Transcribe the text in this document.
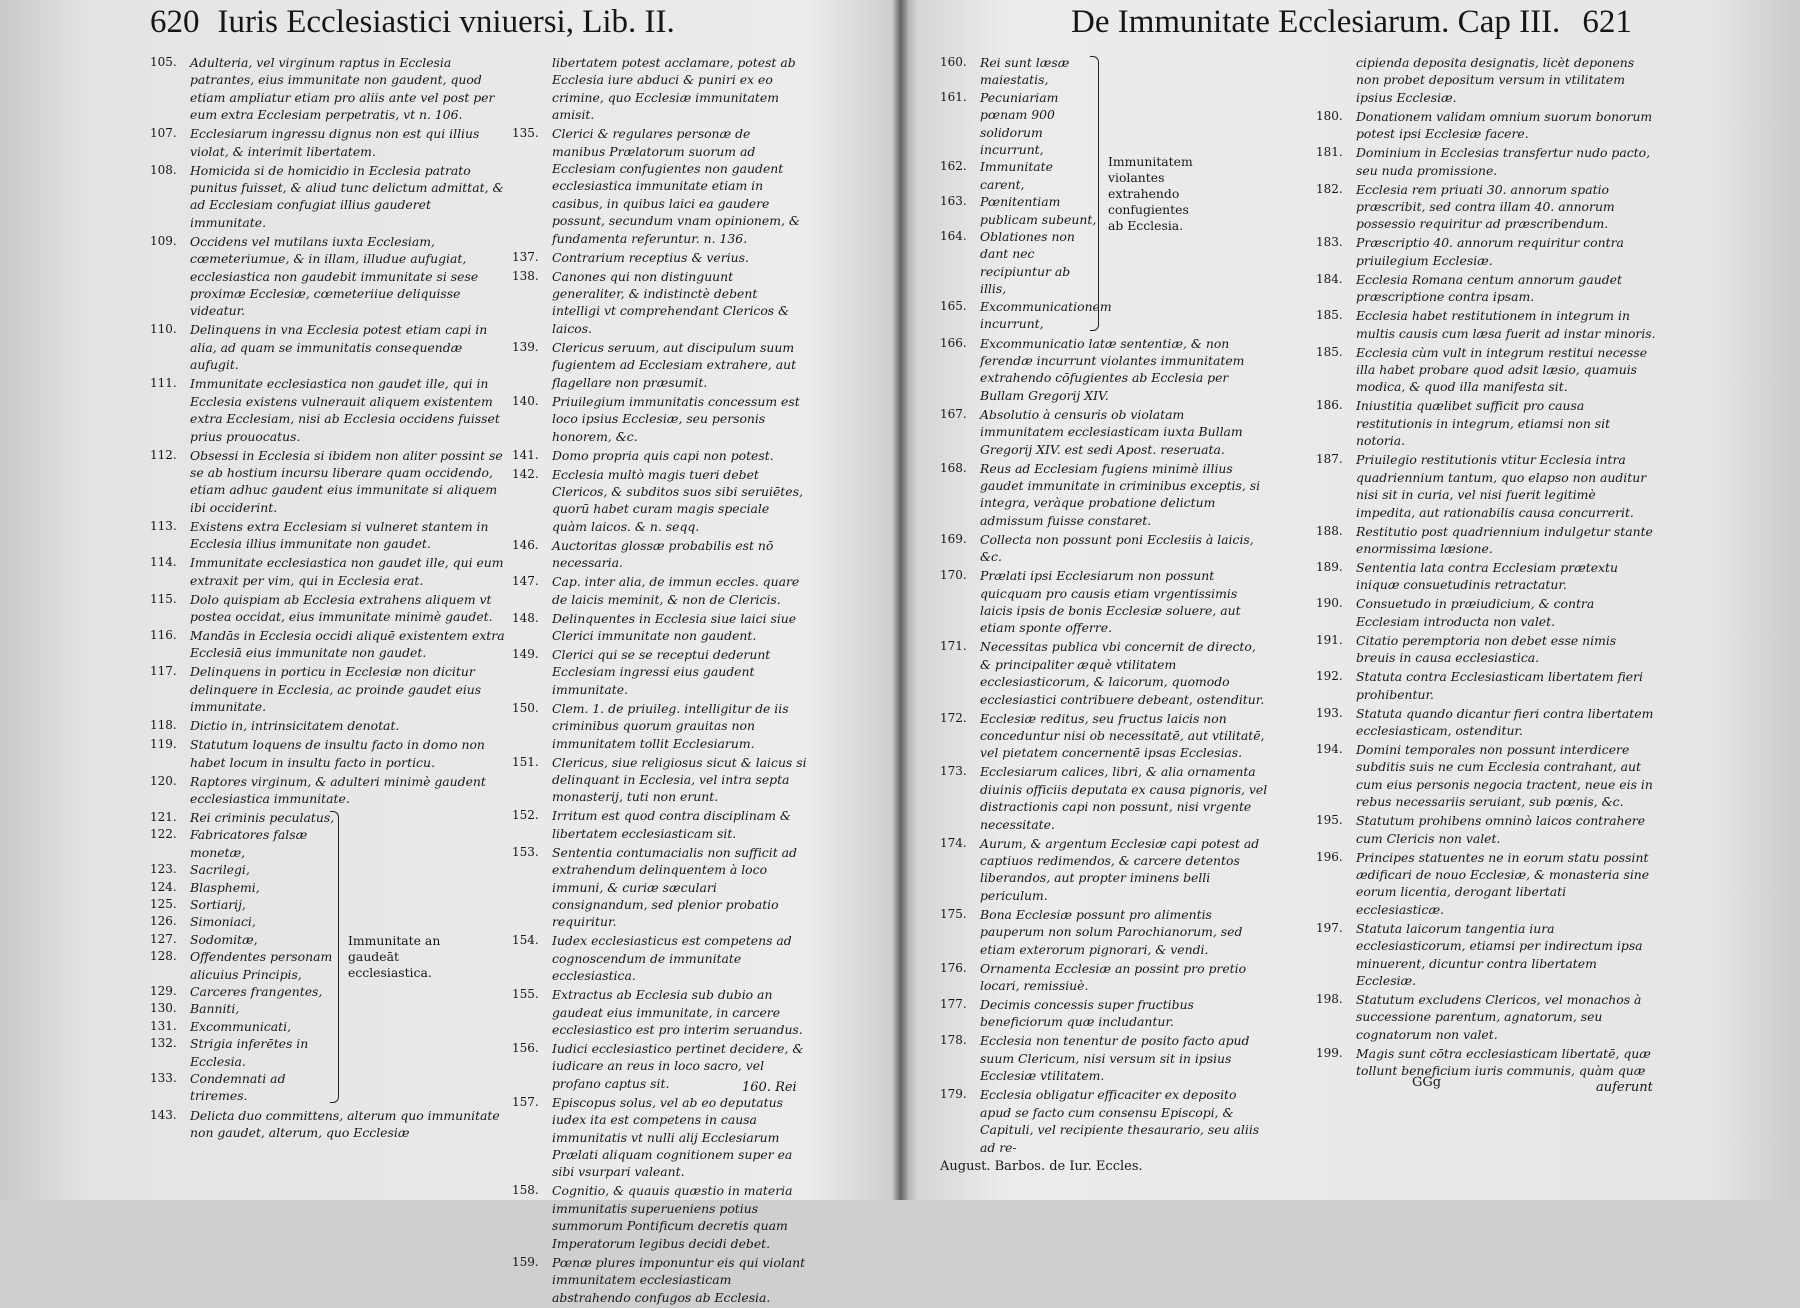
620 Iuris Ecclesiastici vniuersi, Lib. II.
105. Adulteria, vel virginum raptus in Ecclesia patrantes, eius immunitate non gaudent, quod etiam ampliatur etiam pro aliis ante vel post per eum extra Ecclesiam perpetratis, vt n. 106.
107. Ecclesiarum ingressu dignus non est qui illius violat, & interimit libertatem.
108. Homicida si de homicidio in Ecclesia patrato punitus fuisset, & aliud tunc delictum admittat, & ad Ecclesiam confugiat illius gauderet immunitate.
109. Occidens vel mutilans iuxta Ecclesiam, cœmeteriumue, & in illam, illudue aufugiat, ecclesiastica non gaudebit immunitate si sese proximæ Ecclesiæ, cœmeteriiue deliquisse videatur.
110. Delinquens in vna Ecclesia potest etiam capi in alia, ad quam se immunitatis consequendæ aufugit.
111. Immunitate ecclesiastica non gaudet ille, qui in Ecclesia existens vulnerauit aliquem existentem extra Ecclesiam, nisi ab Ecclesia occidens fuisset prius prouocatus.
112. Obsessi in Ecclesia si ibidem non aliter possint se se ab hostium incursu liberare quam occidendo, etiam adhuc gaudent eius immunitate si aliquem ibi occiderint.
113. Existens extra Ecclesiam si vulneret stantem in Ecclesia illius immunitate non gaudet.
114. Immunitate ecclesiastica non gaudet ille, qui eum extraxit per vim, qui in Ecclesia erat.
115. Dolo quispiam ab Ecclesia extrahens aliquem vt postea occidat, eius immunitate minimè gaudet.
116. Mandās in Ecclesia occidi aliquē existentem extra Ecclesiā eius immunitate non gaudet.
117. Delinquens in porticu in Ecclesiæ non dicitur delinquere in Ecclesia, ac proinde gaudet eius immunitate.
118. Dictio in, intrinsicitatem denotat.
119. Statutum loquens de insultu facto in domo non habet locum in insultu facto in porticu.
120. Raptores virginum, & adulteri minimè gaudent ecclesiastica immunitate.
121. Rei criminis peculatus,
122. Fabricatores falsæ monetæ,
123. Sacrilegi,
124. Blasphemi,
125. Sortiarij,
126. Simoniaci,
127. Sodomitæ,
128. Offendentes personam alicuius Principis,
129. Carceres frangentes,
130. Banniti,
131. Excommunicati,
132. Strigia inferētes in Ecclesia.
133. Condemnati ad triremes.
Immunitate an gaudeāt ecclesiastica.
143. Delicta duo committens, alterum quo immunitate non gaudet, alterum, quo Ecclesiæ
libertatem potest acclamare, potest ab Ecclesia iure abduci & puniri ex eo crimine, quo Ecclesiæ immunitatem amisit.
135. Clerici & regulares personæ de manibus Prælatorum suorum ad Ecclesiam confugientes non gaudent ecclesiastica immunitate etiam in casibus, in quibus laici ea gaudere possunt, secundum vnam opinionem, & fundamenta referuntur. n. 136.
137. Contrarium receptius & verius.
138. Canones qui non distinguunt generaliter, & indistinctè debent intelligi vt comprehendant Clericos & laicos.
139. Clericus seruum, aut discipulum suum fugientem ad Ecclesiam extrahere, aut flagellare non præsumit.
140. Priuilegium immunitatis concessum est loco ipsius Ecclesiæ, seu personis honorem, &c.
141. Domo propria quis capi non potest.
142. Ecclesia multò magis tueri debet Clericos, & subditos suos sibi seruiētes, quorū habet curam magis speciale quàm laicos. & n. seqq.
146. Auctoritas glossæ probabilis est nō necessaria.
147. Cap. inter alia, de immun eccles. quare de laicis meminit, & non de Clericis.
148. Delinquentes in Ecclesia siue laici siue Clerici immunitate non gaudent.
149. Clerici qui se se receptui dederunt Ecclesiam ingressi eius gaudent immunitate.
150. Clem. 1. de priuileg. intelligitur de iis criminibus quorum grauitas non immunitatem tollit Ecclesiarum.
151. Clericus, siue religiosus sicut & laicus si delinquant in Ecclesia, vel intra septa monasterij, tuti non erunt.
152. Irritum est quod contra disciplinam & libertatem ecclesiasticam sit.
153. Sententia contumacialis non sufficit ad extrahendum delinquentem à loco immuni, & curiæ sæculari consignandum, sed plenior probatio requiritur.
154. Iudex ecclesiasticus est competens ad cognoscendum de immunitate ecclesiastica.
155. Extractus ab Ecclesia sub dubio an gaudeat eius immunitate, in carcere ecclesiastico est pro interim seruandus.
156. Iudici ecclesiastico pertinet decidere, & iudicare an reus in loco sacro, vel profano captus sit.
157. Episcopus solus, vel ab eo deputatus iudex ita est competens in causa immunitatis vt nulli alij Ecclesiarum Prælati aliquam cognitionem super ea sibi vsurpari valeant.
158. Cognitio, & quauis quæstio in materia immunitatis superueniens potius summorum Pontificum decretis quam Imperatorum legibus decidi debet.
159. Pœnæ plures imponuntur eis qui violant immunitatem ecclesiasticam abstrahendo confugos ab Ecclesia.
160. Rei
De Immunitate Ecclesiarum. Cap III. 621
160. Rei sunt læsæ maiestatis,
161. Pecuniariam pœnam 900 solidorum incurrunt,
162. Immunitate carent,
163. Pœnitentiam publicam subeunt,
164. Oblationes non dant nec recipiuntur ab illis,
165. Excommunicationem incurrunt,
Immunitatem violantes extrahendo confugientes ab Ecclesia.
166. Excommunicatio latæ sententiæ, & non ferendæ incurrunt violantes immunitatem extrahendo cōfugientes ab Ecclesia per Bullam Gregorij XIV.
167. Absolutio à censuris ob violatam immunitatem ecclesiasticam iuxta Bullam Gregorij XIV. est sedi Apost. reseruata.
168. Reus ad Ecclesiam fugiens minimè illius gaudet immunitate in criminibus exceptis, si integra, veràque probatione delictum admissum fuisse constaret.
169. Collecta non possunt poni Ecclesiis à laicis, &c.
170. Prælati ipsi Ecclesiarum non possunt quicquam pro causis etiam vrgentissimis laicis ipsis de bonis Ecclesiæ soluere, aut etiam sponte offerre.
171. Necessitas publica vbi concernit de directo, & principaliter æquè vtilitatem ecclesiasticorum, & laicorum, quomodo ecclesiastici contribuere debeant, ostenditur.
172. Ecclesiæ reditus, seu fructus laicis non conceduntur nisi ob necessitatē, aut vtilitatē, vel pietatem concernentē ipsas Ecclesias.
173. Ecclesiarum calices, libri, & alia ornamenta diuinis officiis deputata ex causa pignoris, vel distractionis capi non possunt, nisi vrgente necessitate.
174. Aurum, & argentum Ecclesiæ capi potest ad captiuos redimendos, & carcere detentos liberandos, aut propter iminens belli periculum.
175. Bona Ecclesiæ possunt pro alimentis pauperum non solum Parochianorum, sed etiam exterorum pignorari, & vendi.
176. Ornamenta Ecclesiæ an possint pro pretio locari, remissiuè.
177. Decimis concessis super fructibus beneficiorum quæ includantur.
178. Ecclesia non tenentur de posito facto apud suum Clericum, nisi versum sit in ipsius Ecclesiæ vtilitatem.
179. Ecclesia obligatur efficaciter ex deposito apud se facto cum consensu Episcopi, & Capituli, vel recipiente thesaurario, seu aliis ad re-
August. Barbos. de Iur. Eccles.
cipienda deposita designatis, licèt deponens non probet depositum versum in vtilitatem ipsius Ecclesiæ.
180. Donationem validam omnium suorum bonorum potest ipsi Ecclesiæ facere.
181. Dominium in Ecclesias transfertur nudo pacto, seu nuda promissione.
182. Ecclesia rem priuati 30. annorum spatio præscribit, sed contra illam 40. annorum possessio requiritur ad præscribendum.
183. Præscriptio 40. annorum requiritur contra priuilegium Ecclesiæ.
184. Ecclesia Romana centum annorum gaudet præscriptione contra ipsam.
185. Ecclesia habet restitutionem in integrum in multis causis cum læsa fuerit ad instar minoris.
185. Ecclesia cùm vult in integrum restitui necesse illa habet probare quod adsit læsio, quamuis modica, & quod illa manifesta sit.
186. Iniustitia quælibet sufficit pro causa restitutionis in integrum, etiamsi non sit notoria.
187. Priuilegio restitutionis vtitur Ecclesia intra quadriennium tantum, quo elapso non auditur nisi sit in curia, vel nisi fuerit legitimè impedita, aut rationabilis causa concurrerit.
188. Restitutio post quadriennium indulgetur stante enormissima læsione.
189. Sententia lata contra Ecclesiam prætextu iniquæ consuetudinis retractatur.
190. Consuetudo in præiudicium, & contra Ecclesiam introducta non valet.
191. Citatio peremptoria non debet esse nimis breuis in causa ecclesiastica.
192. Statuta contra Ecclesiasticam libertatem fieri prohibentur.
193. Statuta quando dicantur fieri contra libertatem ecclesiasticam, ostenditur.
194. Domini temporales non possunt interdicere subditis suis ne cum Ecclesia contrahant, aut cum eius personis negocia tractent, neue eis in rebus necessariis seruiant, sub pœnis, &c.
195. Statutum prohibens omninò laicos contrahere cum Clericis non valet.
196. Principes statuentes ne in eorum statu possint ædificari de nouo Ecclesiæ, & monasteria sine eorum licentia, derogant libertati ecclesiasticæ.
197. Statuta laicorum tangentia iura ecclesiasticorum, etiamsi per indirectum ipsa minuerent, dicuntur contra libertatem Ecclesiæ.
198. Statutum excludens Clericos, vel monachos à successione parentum, agnatorum, seu cognatorum non valet.
199. Magis sunt cōtra ecclesiasticam libertatē, quæ tollunt beneficium iuris communis, quàm quæ
GGg	auferunt
